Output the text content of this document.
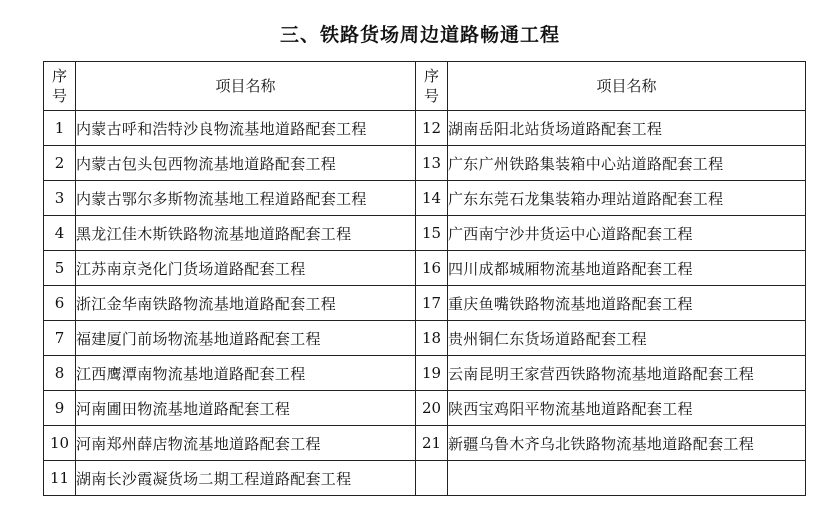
三、铁路货场周边道路畅通工程
序号	项目名称	序号	项目名称
1	内蒙古呼和浩特沙良物流基地道路配套工程	12	湖南岳阳北站货场道路配套工程
2	内蒙古包头包西物流基地道路配套工程	13	广东广州铁路集装箱中心站道路配套工程
3	内蒙古鄂尔多斯物流基地工程道路配套工程	14	广东东莞石龙集装箱办理站道路配套工程
4	黑龙江佳木斯铁路物流基地道路配套工程	15	广西南宁沙井货运中心道路配套工程
5	江苏南京尧化门货场道路配套工程	16	四川成都城厢物流基地道路配套工程
6	浙江金华南铁路物流基地道路配套工程	17	重庆鱼嘴铁路物流基地道路配套工程
7	福建厦门前场物流基地道路配套工程	18	贵州铜仁东货场道路配套工程
8	江西鹰潭南物流基地道路配套工程	19	云南昆明王家营西铁路物流基地道路配套工程
9	河南圃田物流基地道路配套工程	20	陕西宝鸡阳平物流基地道路配套工程
10	河南郑州薛店物流基地道路配套工程	21	新疆乌鲁木齐乌北铁路物流基地道路配套工程
11	湖南长沙霞凝货场二期工程道路配套工程		
